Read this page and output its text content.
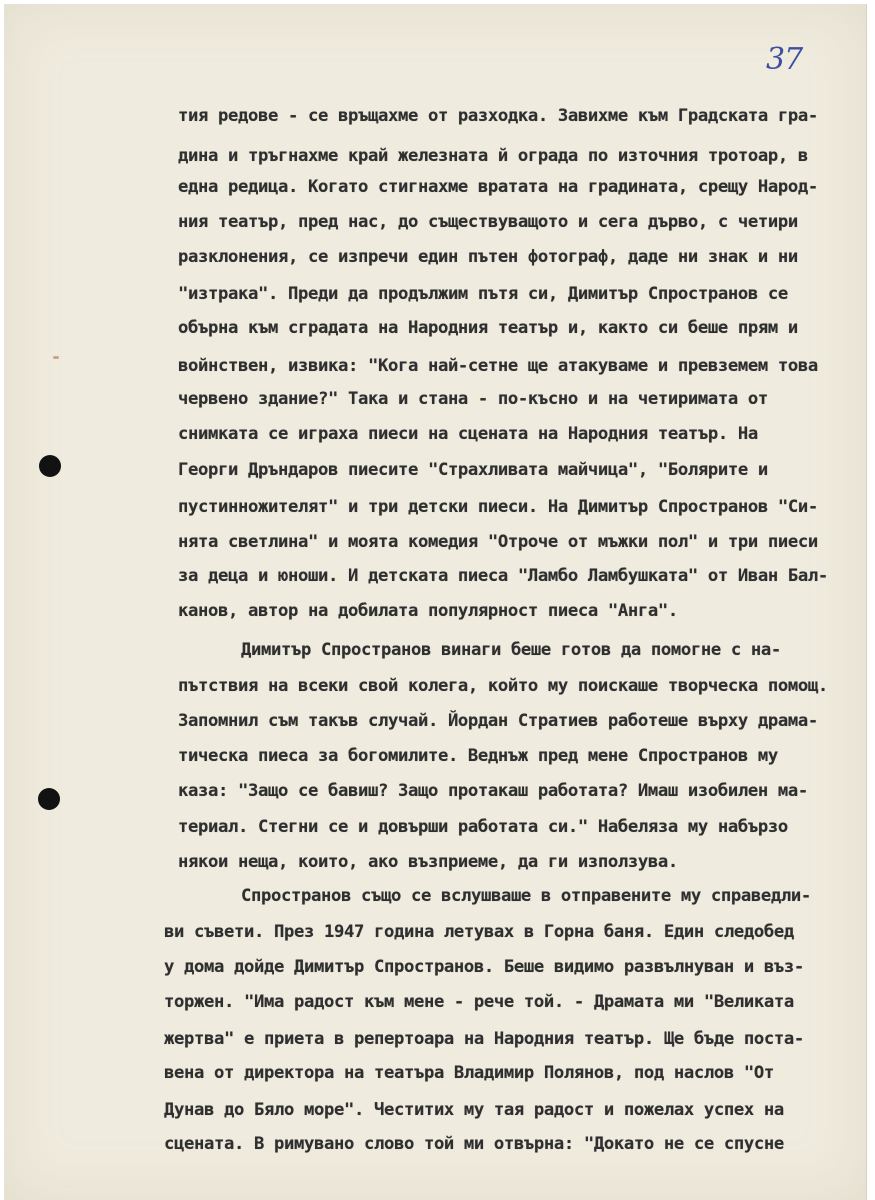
37
тия редове - се връщахме от разходка. Завихме към Градската гра-
дина и тръгнахме край железната й ограда по източния тротоар, в
една редица. Когато стигнахме вратата на градината, срещу Народ-
ния театър, пред нас, до съществуващото и сега дърво, с четири
разклонения, се изпречи един пътен фотограф, даде ни знак и ни
"изтрака". Преди да продължим пътя си, Димитър Спространов се
обърна към сградата на Народния театър и, както си беше прям и
войнствен, извика: "Кога най-сетне ще атакуваме и превземем това
червено здание?" Така и стана - по-късно и на четиримата от
снимката се играха пиеси на сцената на Народния театър. На
Георги Дръндаров пиесите "Страхливата майчица", "Болярите и
пустинножителят" и три детски пиеси. На Димитър Спространов "Си-
нята светлина" и моята комедия "Отроче от мъжки пол" и три пиеси
за деца и юноши. И детската пиеса "Ламбо Ламбушката" от Иван Бал-
канов, автор на добилата популярност пиеса "Анга".
Димитър Спространов винаги беше готов да помогне с на-
пътствия на всеки свой колега, който му поискаше творческа помощ.
Запомнил съм такъв случай. Йордан Стратиев работеше върху драма-
тическа пиеса за богомилите. Веднъж пред мене Спространов му
каза: "Защо се бавиш? Защо протакаш работата? Имаш изобилен ма-
териал. Стегни се и довърши работата си." Набелязa му набързо
някои неща, които, ако възприеме, да ги използува.
Спространов също се вслушваше в отправените му справедли-
ви съвети. През 1947 година летувах в Горна баня. Един следобед
у дома дойде Димитър Спространов. Беше видимо развълнуван и въз-
торжен. "Има радост към мене - рече той. - Драмата ми "Великата
жертва" е приета в репертоара на Народния театър. Ще бъде поста-
вена от директора на театъра Владимир Полянов, под наслов "От
Дунав до Бяло море". Честитих му тая радост и пожелах успех на
сцената. В римувано слово той ми отвърна: "Докато не се спусне
